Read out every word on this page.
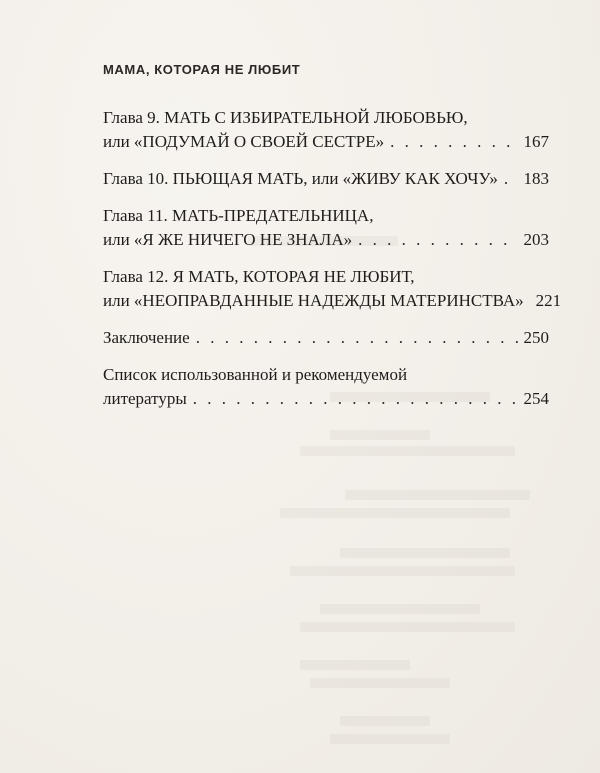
МАМА, КОТОРАЯ НЕ ЛЮБИТ
Глава 9. МАТЬ С ИЗБИРАТЕЛЬНОЙ ЛЮБОВЬЮ,
или «ПОДУМАЙ О СВОЕЙ СЕСТРЕ» . . .	167
Глава 10. ПЬЮЩАЯ МАТЬ, или «ЖИВУ КАК ХОЧУ» . . . 183
Глава 11. МАТЬ-ПРЕДАТЕЛЬНИЦА,
или «Я ЖЕ НИЧЕГО НЕ ЗНАЛА» . . .	203
Глава 12. Я МАТЬ, КОТОРАЯ НЕ ЛЮБИТ,
или «НЕОПРАВДАННЫЕ НАДЕЖДЫ МАТЕРИНСТВА» 221
Заключение . . .	250
Список использованной и рекомендуемой
литературы . . .	254
